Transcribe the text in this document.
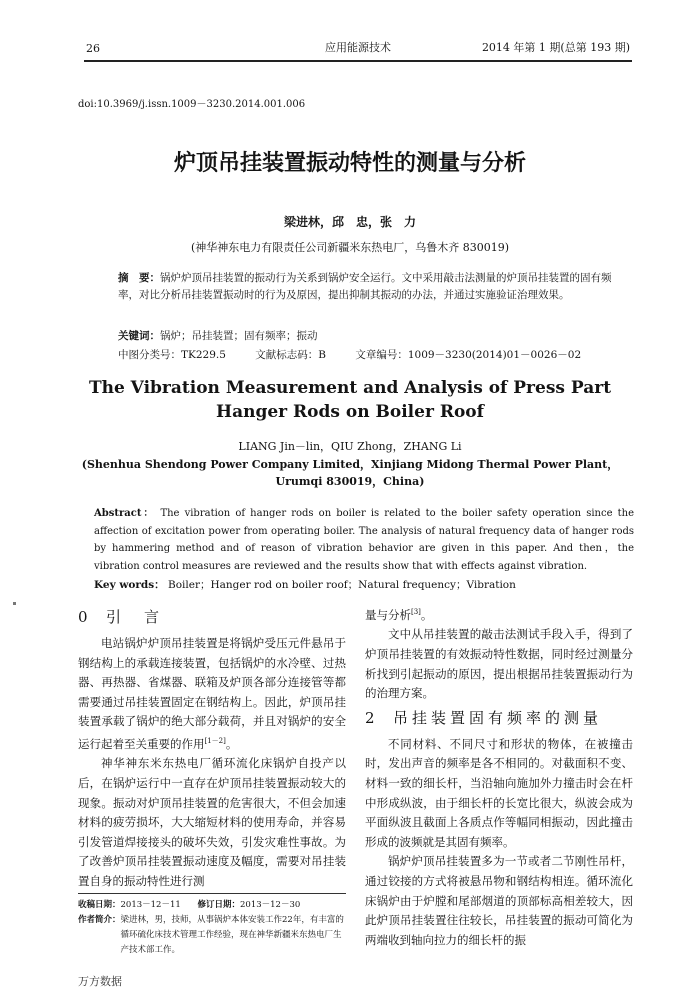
26	应用能源技术	2014 年第 1 期(总第 193 期)
doi:10.3969/j.issn.1009－3230.2014.001.006
炉顶吊挂装置振动特性的测量与分析
梁进林，邱　忠，张　力
(神华神东电力有限责任公司新疆米东热电厂，乌鲁木齐 830019)
摘　要：锅炉炉顶吊挂装置的振动行为关系到锅炉安全运行。文中采用敲击法测量的炉顶吊挂装置的固有频率，对比分析吊挂装置振动时的行为及原因，提出抑制其振动的办法，并通过实施验证治理效果。
关键词：锅炉；吊挂装置；固有频率；振动
中图分类号：TK229.5	文献标志码：B	文章编号：1009－3230(2014)01－0026－02
The Vibration Measurement and Analysis of Press Part
Hanger Rods on Boiler Roof
LIANG Jin－lin，QIU Zhong，ZHANG Li
(Shenhua Shendong Power Company Limited，Xinjiang Midong Thermal Power Plant，
Urumqi 830019，China)
Abstract： The vibration of hanger rods on boiler is related to the boiler safety operation since the affection of excitation power from operating boiler. The analysis of natural frequency data of hanger rods by hammering method and of reason of vibration behavior are given in this paper. And then，the vibration control measures are reviewed and the results show that with effects against vibration.
Key words： Boiler；Hanger rod on boiler roof；Natural frequency；Vibration
0 引　言

电站锅炉炉顶吊挂装置是将锅炉受压元件悬吊于钢结构上的承载连接装置，包括锅炉的水冷壁、过热器、再热器、省煤器、联箱及炉顶各部分连接管等都需要通过吊挂装置固定在钢结构上。因此，炉顶吊挂装置承载了锅炉的绝大部分载荷，并且对锅炉的安全运行起着至关重要的作用[1－2]。

神华神东米东热电厂循环流化床锅炉自投产以后，在锅炉运行中一直存在炉顶吊挂装置振动较大的现象。振动对炉顶吊挂装置的危害很大，不但会加速材料的疲劳损坏，大大缩短材料的使用寿命，并容易引发管道焊接接头的破坏失效，引发灾难性事故。为了改善炉顶吊挂装置振动速度及幅度，需要对吊挂装置自身的振动特性进行测

量与分析[3]。

文中从吊挂装置的敲击法测试手段入手，得到了炉顶吊挂装置的有效振动特性数据，同时经过测量分析找到引起振动的原因，提出根据吊挂装置振动行为的治理方案。

2 吊挂装置固有频率的测量

不同材料、不同尺寸和形状的物体，在被撞击时，发出声音的频率是各不相同的。对截面积不变、材料一致的细长杆，当沿轴向施加外力撞击时会在杆中形成纵波，由于细长杆的长宽比很大，纵波会成为平面纵波且截面上各质点作等幅同相振动，因此撞击形成的波频就是其固有频率。

锅炉炉顶吊挂装置多为一节或者二节刚性吊杆，通过铰接的方式将被悬吊物和钢结构相连。循环流化床锅炉由于炉膛和尾部烟道的顶部标高相差较大，因此炉顶吊挂装置往往较长，吊挂装置的振动可简化为两端收到轴向拉力的细长杆的振

收稿日期：2013－12－11 修订日期：2013－12－30
作者简介： 梁进林，男，技师，从事锅炉本体安装工作22年，有丰富的循环硫化床技术管理工作经验，现在神华新疆米东热电厂生产技术部工作。
万方数据
